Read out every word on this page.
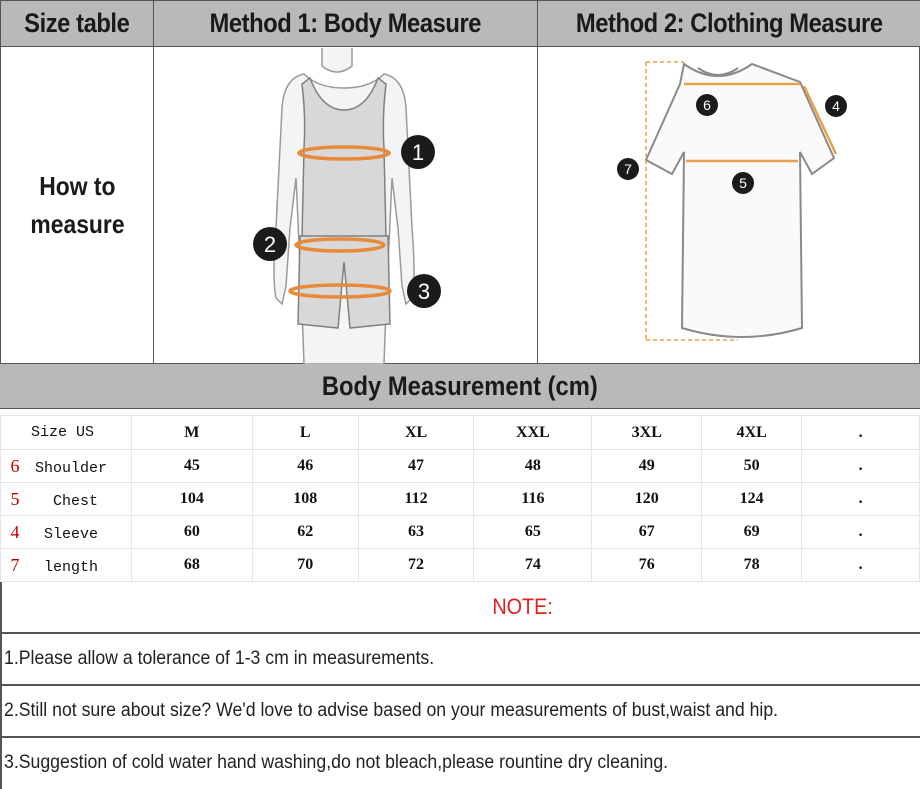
Size table	Method 1: Body Measure	Method 2: Clothing Measure
How to
measure
1
2
3
6	4
7
5
Body Measurement (cm)
Size US	M	L	XL	XXL	3XL	4XL	.
6 Shoulder	45	46	47	48	49	50	.
5 Chest	104	108	112	116	120	124	.
4 Sleeve	60	62	63	65	67	69	.
7 length	68	70	72	74	76	78	.
NOTE:
1.Please allow a tolerance of 1-3 cm in measurements.
2.Still not sure about size? We'd love to advise based on your measurements of bust,waist and hip.
3.Suggestion of cold water hand washing,do not bleach,please rountine dry cleaning.
